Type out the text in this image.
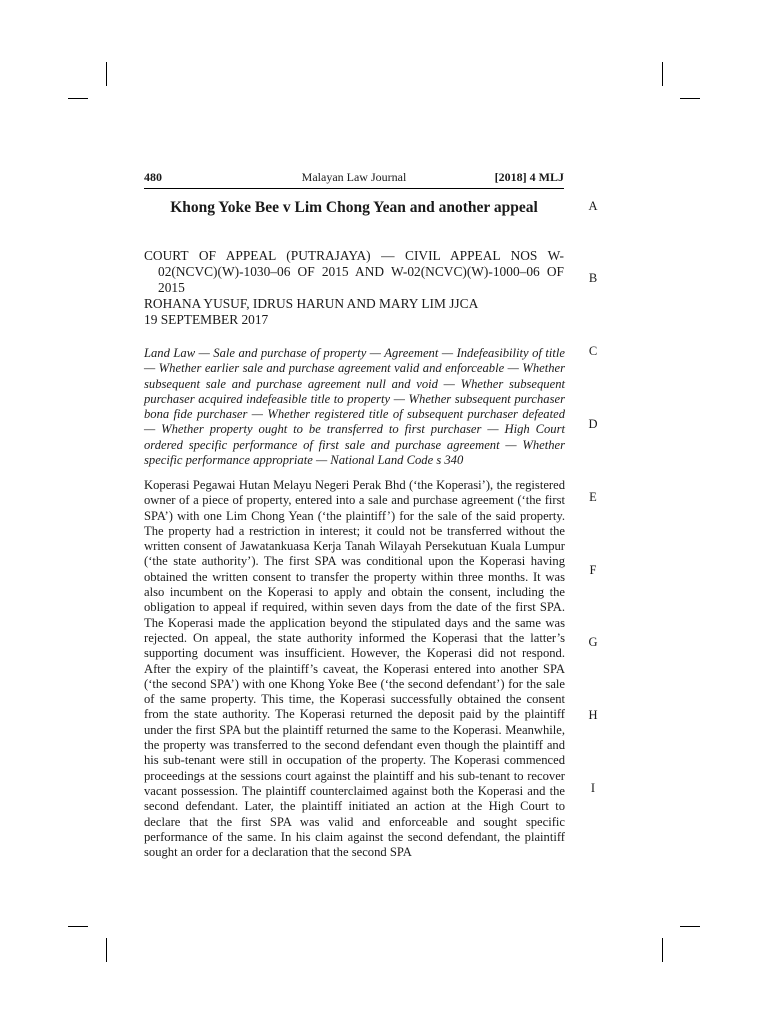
480	Malayan Law Journal	[2018] 4 MLJ
Khong Yoke Bee v Lim Chong Yean and another appeal

COURT OF APPEAL (PUTRAJAYA) — CIVIL APPEAL NOS W-02(NCVC)(W)-1030–06 OF 2015 AND W-02(NCVC)(W)-1000–06 OF 2015

ROHANA YUSUF, IDRUS HARUN AND MARY LIM JJCA

19 SEPTEMBER 2017

Land Law — Sale and purchase of property — Agreement — Indefeasibility of title — Whether earlier sale and purchase agreement valid and enforceable — Whether subsequent sale and purchase agreement null and void — Whether subsequent purchaser acquired indefeasible title to property — Whether subsequent purchaser bona fide purchaser — Whether registered title of subsequent purchaser defeated — Whether property ought to be transferred to first purchaser — High Court ordered specific performance of first sale and purchase agreement — Whether specific performance appropriate — National Land Code s 340
Koperasi Pegawai Hutan Melayu Negeri Perak Bhd (‘the Koperasi’), the registered owner of a piece of property, entered into a sale and purchase agreement (‘the first SPA’) with one Lim Chong Yean (‘the plaintiff’) for the sale of the said property. The property had a restriction in interest; it could not be transferred without the written consent of Jawatankuasa Kerja Tanah Wilayah Persekutuan Kuala Lumpur (‘the state authority’). The first SPA was conditional upon the Koperasi having obtained the written consent to transfer the property within three months. It was also incumbent on the Koperasi to apply and obtain the consent, including the obligation to appeal if required, within seven days from the date of the first SPA. The Koperasi made the application beyond the stipulated days and the same was rejected. On appeal, the state authority informed the Koperasi that the latter’s supporting document was insufficient. However, the Koperasi did not respond. After the expiry of the plaintiff’s caveat, the Koperasi entered into another SPA (‘the second SPA’) with one Khong Yoke Bee (‘the second defendant’) for the sale of the same property. This time, the Koperasi successfully obtained the consent from the state authority. The Koperasi returned the deposit paid by the plaintiff under the first SPA but the plaintiff returned the same to the Koperasi. Meanwhile, the property was transferred to the second defendant even though the plaintiff and his sub-tenant were still in occupation of the property. The Koperasi commenced proceedings at the sessions court against the plaintiff and his sub-tenant to recover vacant possession. The plaintiff counterclaimed against both the Koperasi and the second defendant. Later, the plaintiff initiated an action at the High Court to declare that the first SPA was valid and enforceable and sought specific performance of the same. In his claim against the second defendant, the plaintiff sought an order for a declaration that the second SPA
A
B
C
D
E
F
G
H
I
